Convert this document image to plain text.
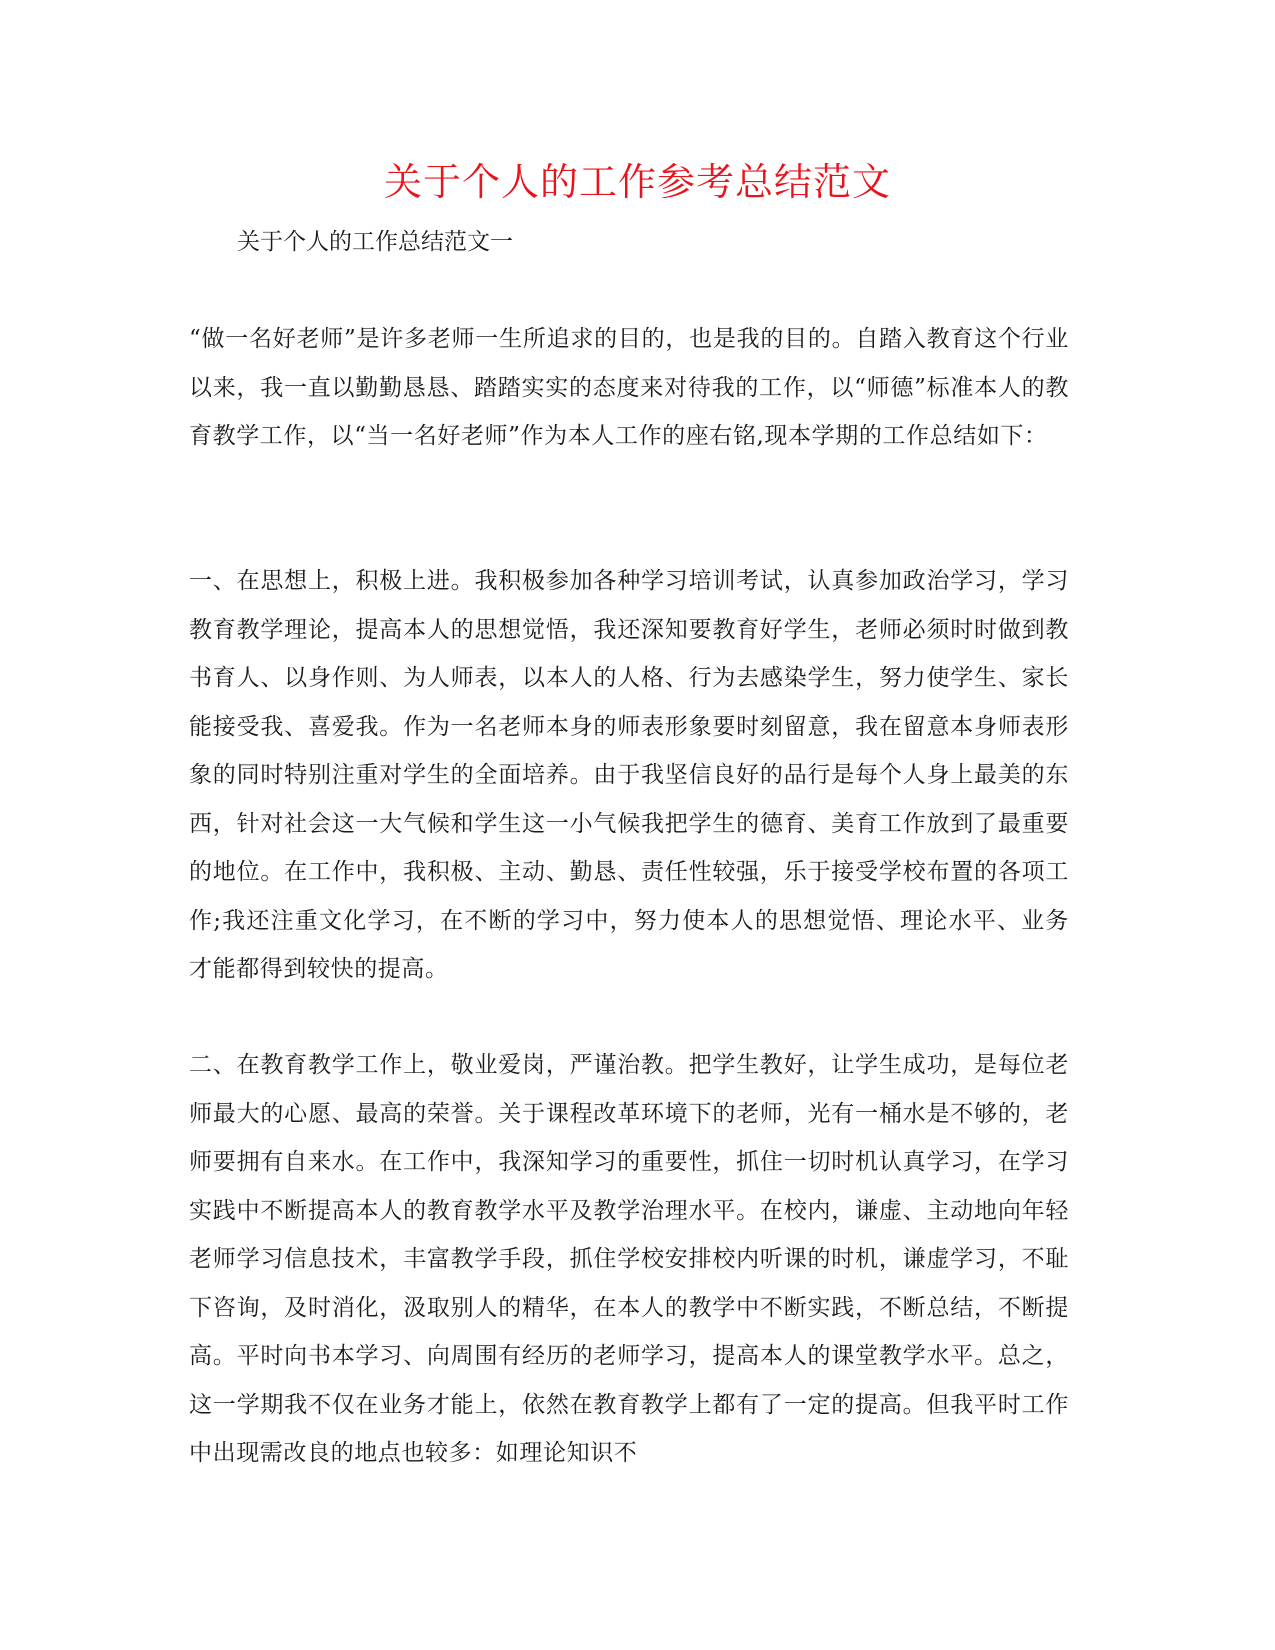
关于个人的工作参考总结范文
关于个人的工作总结范文一

“做一名好老师”是许多老师一生所追求的目的，也是我的目的。自踏入教育这个行业以来，我一直以勤勤恳恳、踏踏实实的态度来对待我的工作，以“师德”标准本人的教育教学工作，以“当一名好老师”作为本人工作的座右铭,现本学期的工作总结如下：

一、在思想上，积极上进。我积极参加各种学习培训考试，认真参加政治学习，学习教育教学理论，提高本人的思想觉悟，我还深知要教育好学生，老师必须时时做到教书育人、以身作则、为人师表，以本人的人格、行为去感染学生，努力使学生、家长能接受我、喜爱我。作为一名老师本身的师表形象要时刻留意，我在留意本身师表形象的同时特别注重对学生的全面培养。由于我坚信良好的品行是每个人身上最美的东西，针对社会这一大气候和学生这一小气候我把学生的德育、美育工作放到了最重要的地位。在工作中，我积极、主动、勤恳、责任性较强，乐于接受学校布置的各项工作;我还注重文化学习，在不断的学习中，努力使本人的思想觉悟、理论水平、业务才能都得到较快的提高。

二、在教育教学工作上，敬业爱岗，严谨治教。把学生教好，让学生成功，是每位老师最大的心愿、最高的荣誉。关于课程改革环境下的老师，光有一桶水是不够的，老师要拥有自来水。在工作中，我深知学习的重要性，抓住一切时机认真学习，在学习实践中不断提高本人的教育教学水平及教学治理水平。在校内，谦虚、主动地向年轻老师学习信息技术，丰富教学手段，抓住学校安排校内听课的时机，谦虚学习，不耻下咨询，及时消化，汲取别人的精华，在本人的教学中不断实践，不断总结，不断提高。平时向书本学习、向周围有经历的老师学习，提高本人的课堂教学水平。总之，这一学期我不仅在业务才能上，依然在教育教学上都有了一定的提高。但我平时工作中出现需改良的地点也较多：如理论知识不
